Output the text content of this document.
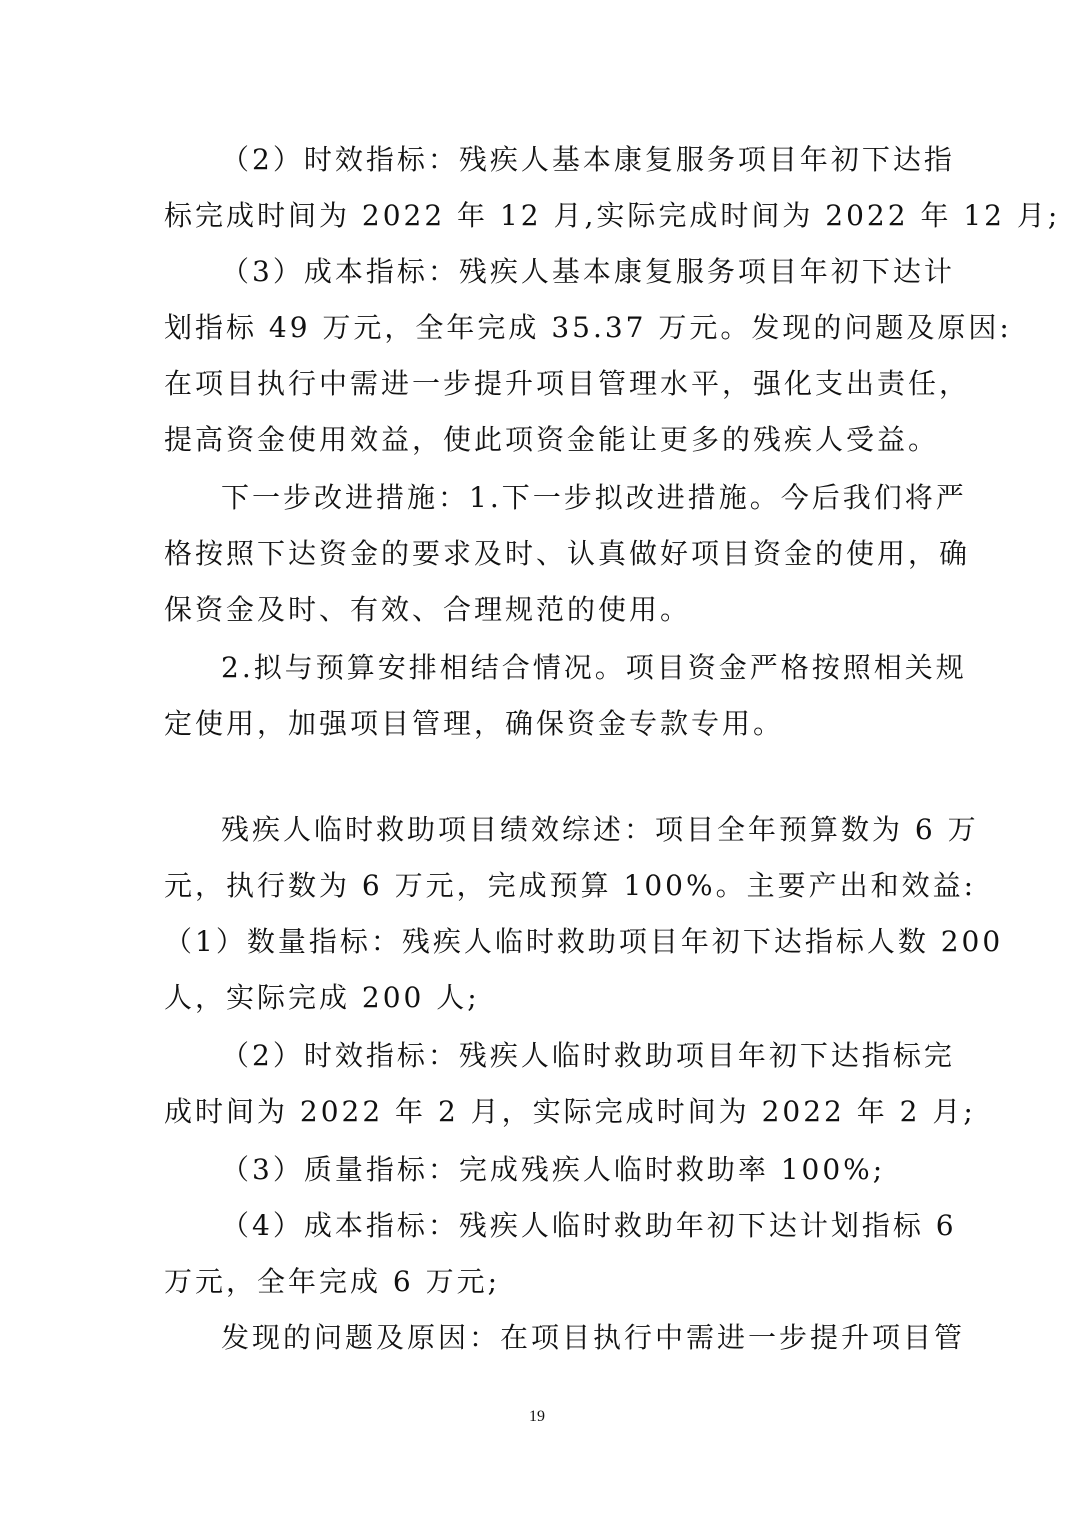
（2）时效指标：残疾人基本康复服务项目年初下达指
标完成时间为 2022 年 12 月,实际完成时间为 2022 年 12 月;
（3）成本指标：残疾人基本康复服务项目年初下达计
划指标 49 万元，全年完成 35.37 万元。发现的问题及原因:
在项目执行中需进一步提升项目管理水平，强化支出责任，
提高资金使用效益，使此项资金能让更多的残疾人受益。
下一步改进措施：1.下一步拟改进措施。今后我们将严
格按照下达资金的要求及时、认真做好项目资金的使用，确
保资金及时、有效、合理规范的使用。
2.拟与预算安排相结合情况。项目资金严格按照相关规
定使用，加强项目管理，确保资金专款专用。
残疾人临时救助项目绩效综述：项目全年预算数为 6 万
元，执行数为 6 万元，完成预算 100%。主要产出和效益:
（1）数量指标：残疾人临时救助项目年初下达指标人数 200
人，实际完成 200 人;
（2）时效指标：残疾人临时救助项目年初下达指标完
成时间为 2022 年 2 月，实际完成时间为 2022 年 2 月;
（3）质量指标：完成残疾人临时救助率 100%;
（4）成本指标：残疾人临时救助年初下达计划指标 6
万元，全年完成 6 万元;
发现的问题及原因：在项目执行中需进一步提升项目管
19
